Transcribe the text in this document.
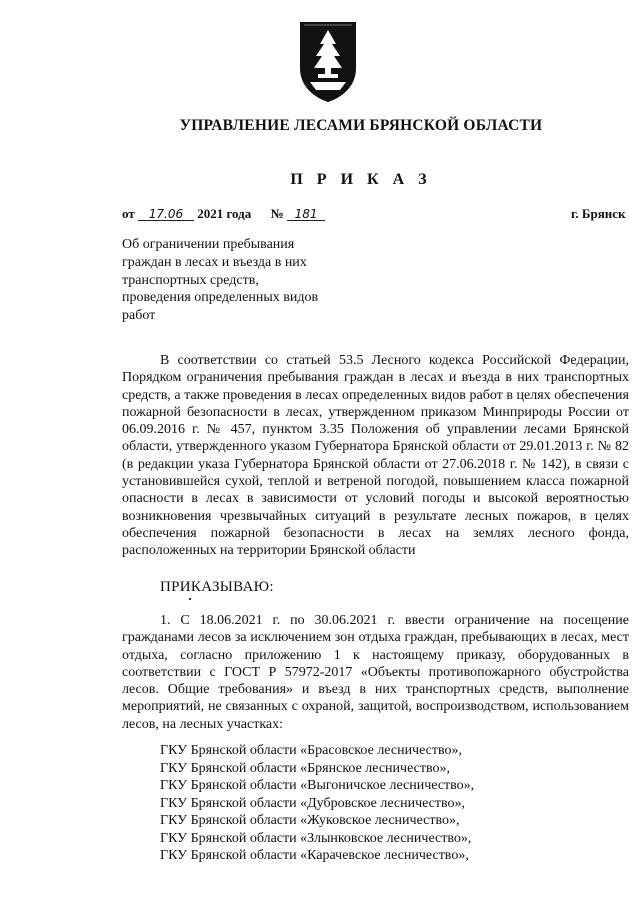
УПРАВЛЕНИЕ ЛЕСАМИ БРЯНСКОЙ ОБЛАСТИ
П Р И К А З
от 17.06 2021 года № 181	г. Брянск
Об ограничении пребывания граждан в лесах и въезда в них транспортных средств, проведения определенных видов работ
В соответствии со статьей 53.5 Лесного кодекса Российской Федерации, Порядком ограничения пребывания граждан в лесах и въезда в них транспортных средств, а также проведения в лесах определенных видов работ в целях обеспечения пожарной безопасности в лесах, утвержденном приказом Минприроды России от 06.09.2016 г. № 457, пунктом 3.35 Положения об управлении лесами Брянской области, утвержденного указом Губернатора Брянской области от 29.01.2013 г. № 82 (в редакции указа Губернатора Брянской области от 27.06.2018 г. № 142), в связи с установившейся сухой, теплой и ветреной погодой, повышением класса пожарной опасности в лесах в зависимости от условий погоды и высокой вероятностью возникновения чрезвычайных ситуаций в результате лесных пожаров, в целях обеспечения пожарной безопасности в лесах на землях лесного фонда, расположенных на территории Брянской области
ПРИКАЗЫВАЮ:
1. С 18.06.2021 г. по 30.06.2021 г. ввести ограничение на посещение гражданами лесов за исключением зон отдыха граждан, пребывающих в лесах, мест отдыха, согласно приложению 1 к настоящему приказу, оборудованных в соответствии с ГОСТ Р 57972-2017 «Объекты противопожарного обустройства лесов. Общие требования» и въезд в них транспортных средств, выполнение мероприятий, не связанных с охраной, защитой, воспроизводством, использованием лесов, на лесных участках:
ГКУ Брянской области «Брасовское лесничество»,
ГКУ Брянской области «Брянское лесничество»,
ГКУ Брянской области «Выгоничское лесничество»,
ГКУ Брянской области «Дубровское лесничество»,
ГКУ Брянской области «Жуковское лесничество»,
ГКУ Брянской области «Злынковское лесничество»,
ГКУ Брянской области «Карачевское лесничество»,
